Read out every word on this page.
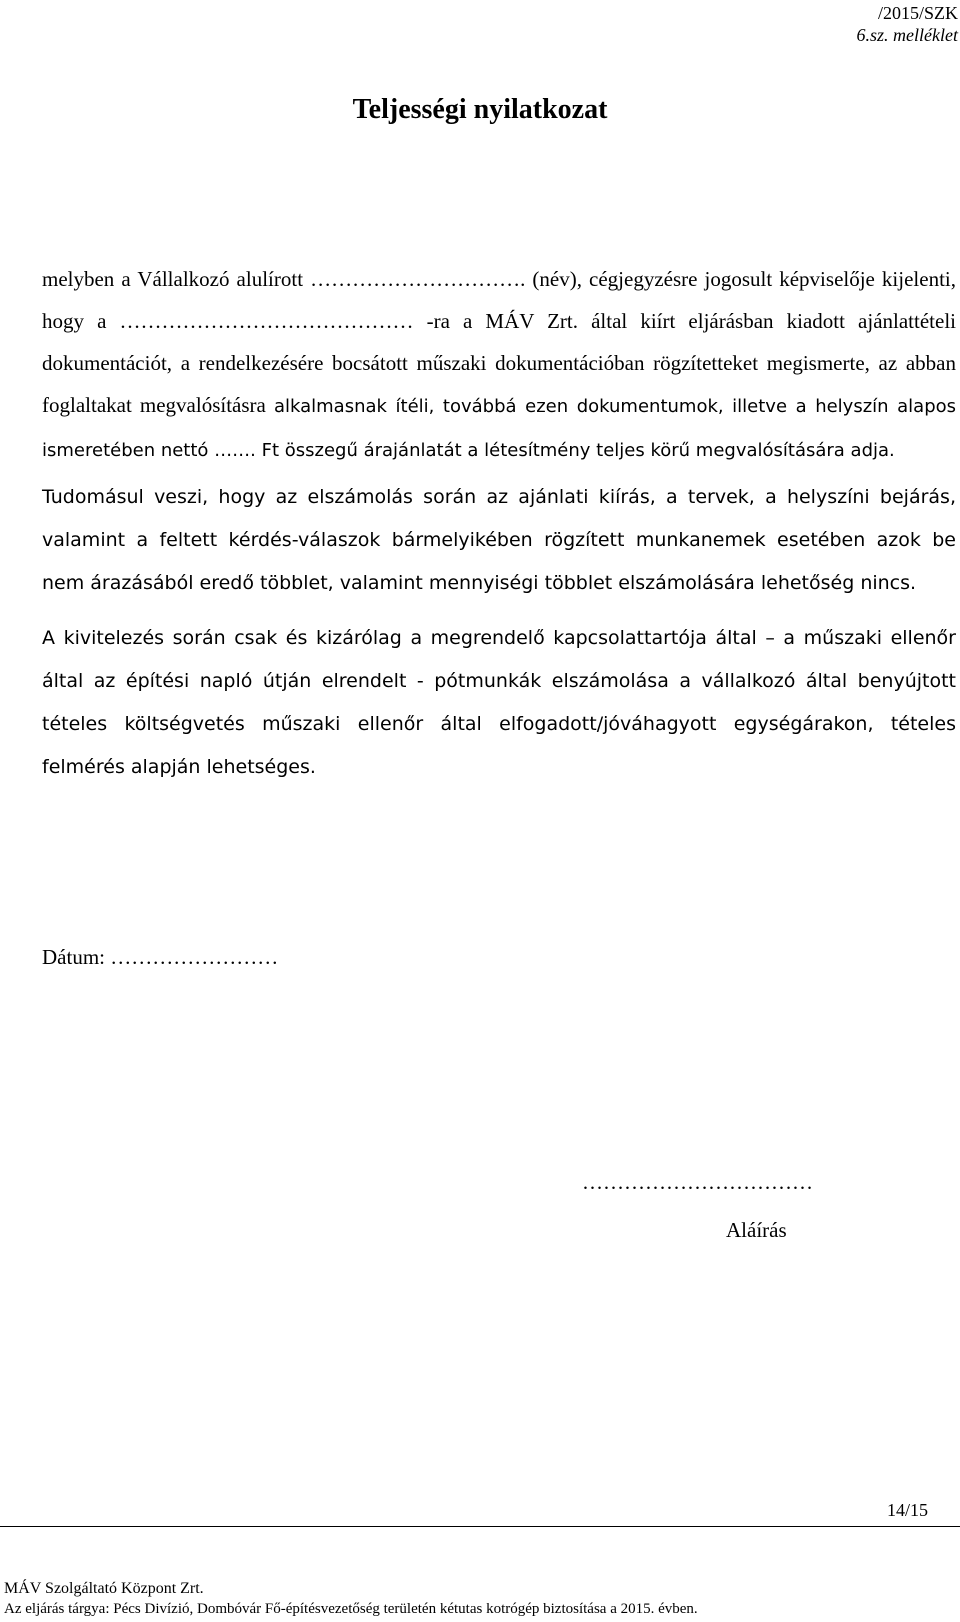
/2015/SZK
6.sz. melléklet
Teljességi nyilatkozat

melyben a Vállalkozó alulírott …………………………. (név), cégjegyzésre jogosult képviselője kijelenti, hogy a …………………………………… -ra a MÁV Zrt. által kiírt eljárásban kiadott ajánlattételi dokumentációt, a rendelkezésére bocsátott műszaki dokumentációban rögzítetteket megismerte, az abban foglaltakat megvalósításra alkalmasnak ítéli, továbbá ezen dokumentumok, illetve a helyszín alapos ismeretében nettó ……. Ft összegű árajánlatát a létesítmény teljes körű megvalósítására adja.

Tudomásul veszi, hogy az elszámolás során az ajánlati kiírás, a tervek, a helyszíni bejárás, valamint a feltett kérdés-válaszok bármelyikében rögzített munkanemek esetében azok be nem árazásából eredő többlet, valamint mennyiségi többlet elszámolására lehetőség nincs.

A kivitelezés során csak és kizárólag a megrendelő kapcsolattartója által – a műszaki ellenőr által az építési napló útján elrendelt - pótmunkák elszámolása a vállalkozó által benyújtott tételes költségvetés műszaki ellenőr által elfogadott/jóváhagyott egységárakon, tételes felmérés alapján lehetséges.

Dátum: ……………………
……………………………
Aláírás
14/15
MÁV Szolgáltató Központ Zrt.
Az eljárás tárgya: Pécs Divízió, Dombóvár Fő-építésvezetőség területén kétutas kotrógép biztosítása a 2015. évben.
